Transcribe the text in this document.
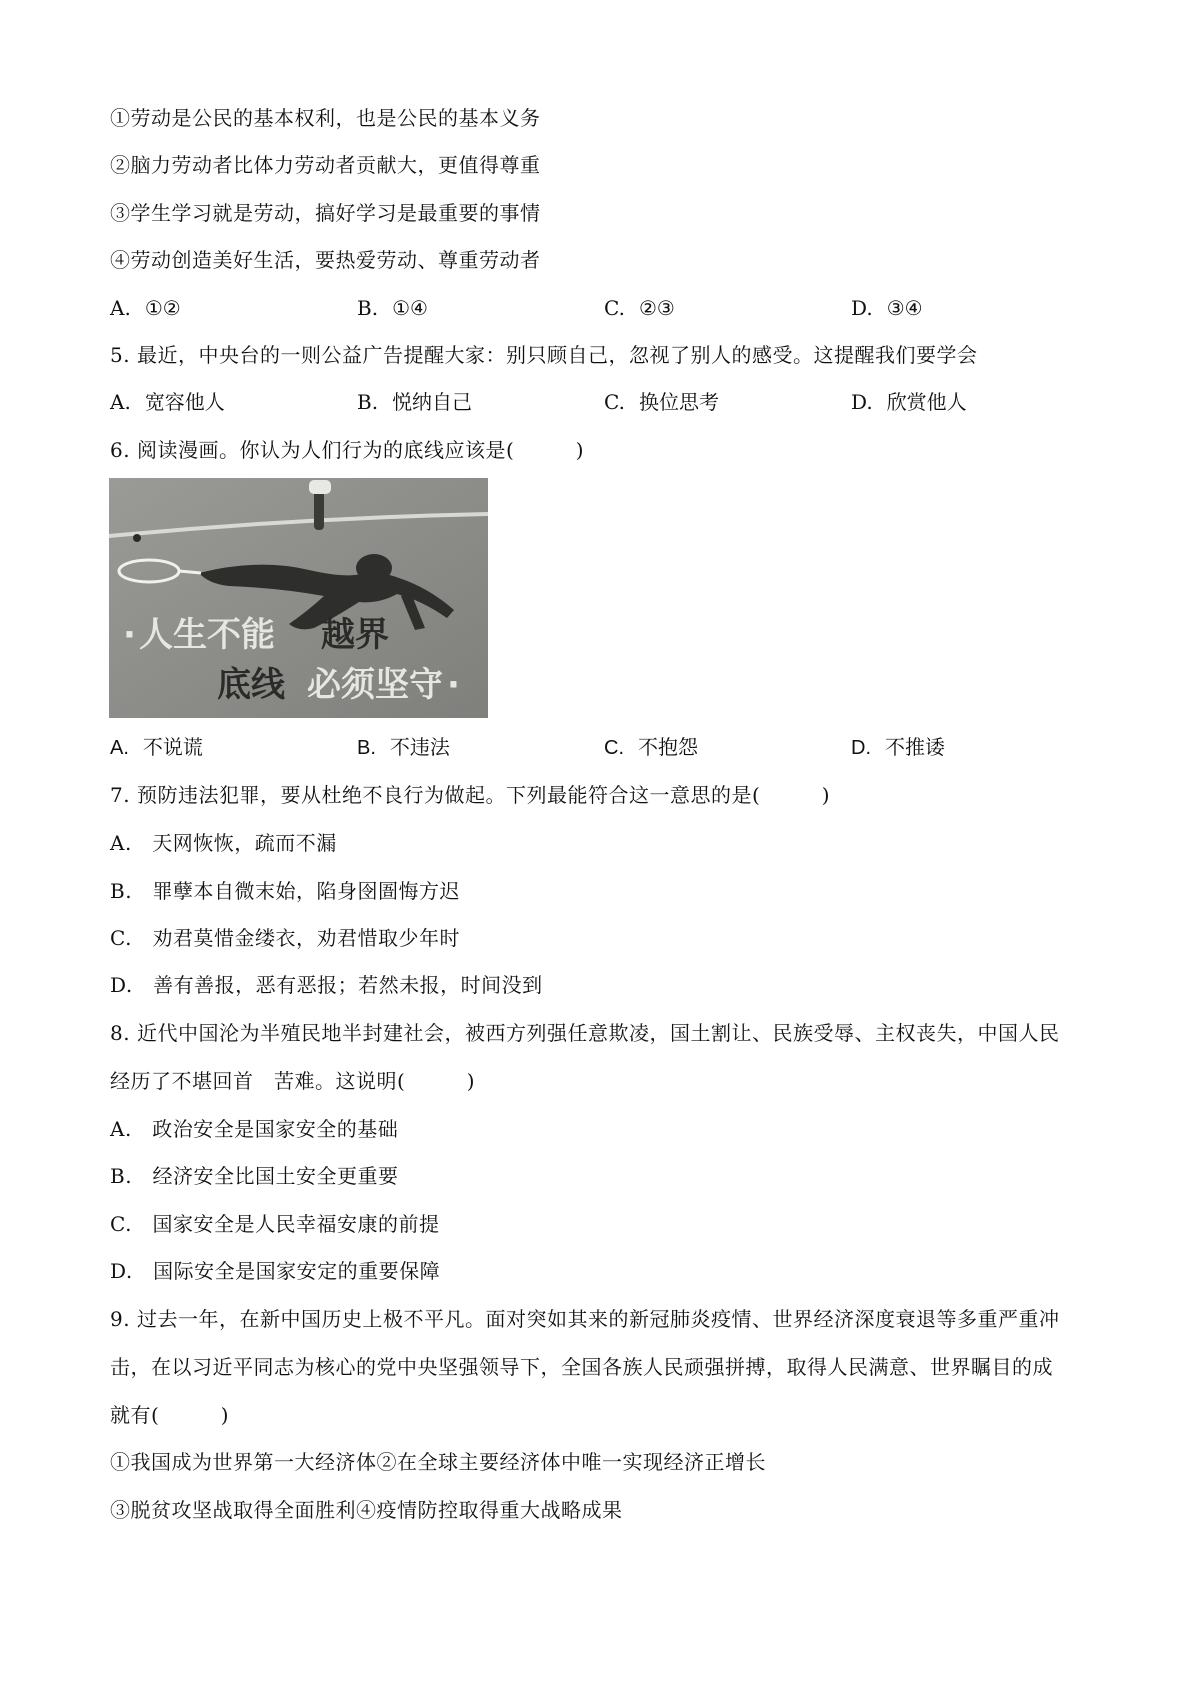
①劳动是公民的基本权利，也是公民的基本义务
②脑力劳动者比体力劳动者贡献大，更值得尊重
③学生学习就是劳动，搞好学习是最重要的事情
④劳动创造美好生活，要热爱劳动、尊重劳动者
A. ①②	B. ①④	C. ②③	D. ③④
5. 最近，中央台的一则公益广告提醒大家：别只顾自己，忽视了别人的感受。这提醒我们要学会
A. 宽容他人	B. 悦纳自己	C. 换位思考	D. 欣赏他人
6. 阅读漫画。你认为人们行为的底线应该是(　　　)
· 人生不能 越界
底线 必须坚守 ·
A. 不说谎	B. 不违法	C. 不抱怨	D. 不推诿
7. 预防违法犯罪，要从杜绝不良行为做起。下列最能符合这一意思的是(　　　)
A.　天网恢恢，疏而不漏
B.　罪孽本自微末始，陷身囹圄悔方迟
C.　劝君莫惜金缕衣，劝君惜取少年时
D.　善有善报，恶有恶报；若然未报，时间没到
8. 近代中国沦为半殖民地半封建社会，被西方列强任意欺凌，国土割让、民族受辱、主权丧失，中国人民
经历了不堪回首　苦难。这说明(　　　)
A.　政治安全是国家安全的基础
B.　经济安全比国土安全更重要
C.　国家安全是人民幸福安康的前提
D.　国际安全是国家安定的重要保障
9. 过去一年，在新中国历史上极不平凡。面对突如其来的新冠肺炎疫情、世界经济深度衰退等多重严重冲
击，在以习近平同志为核心的党中央坚强领导下，全国各族人民顽强拼搏，取得人民满意、世界瞩目的成
就有(　　　)
①我国成为世界第一大经济体②在全球主要经济体中唯一实现经济正增长
③脱贫攻坚战取得全面胜利④疫情防控取得重大战略成果
